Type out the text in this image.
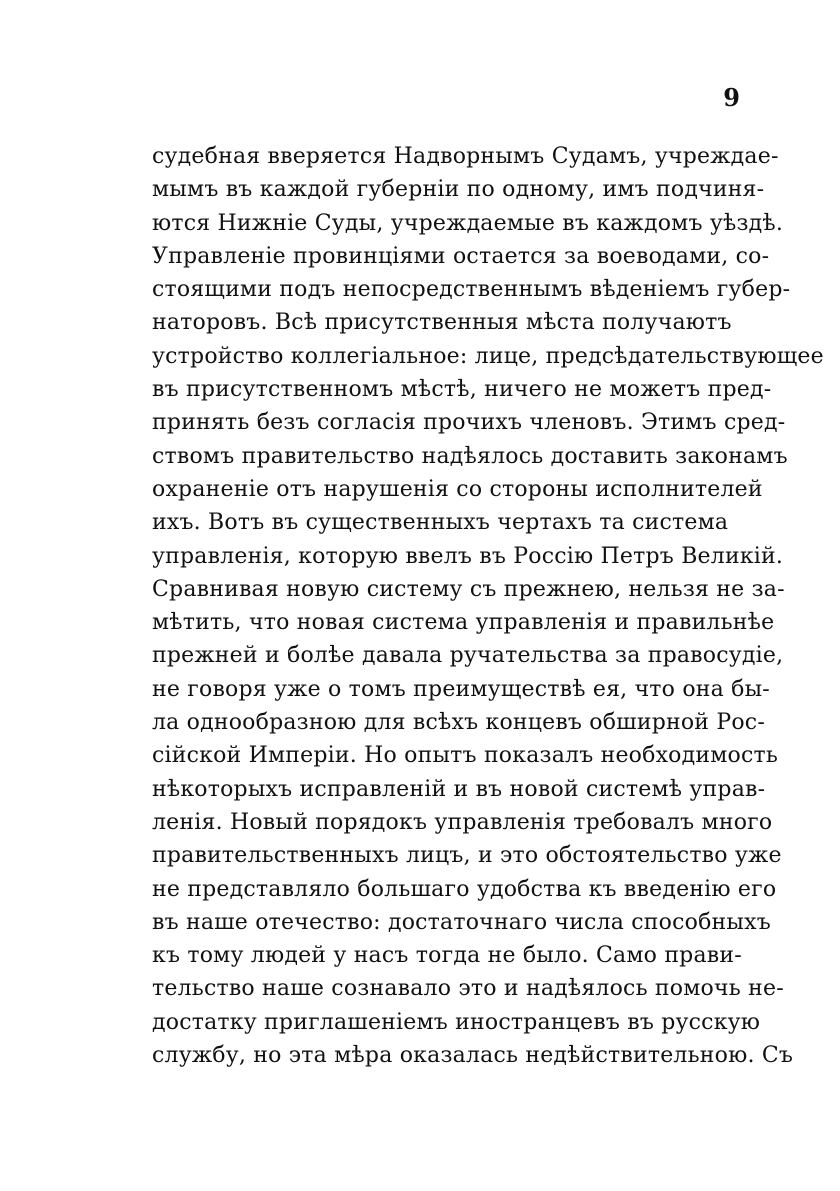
9
судебная вверяется Надворнымъ Судамъ, учреждае-
мымъ въ каждой губернiи по одному, имъ подчиня-
ются Нижнiе Суды, учреждаемые въ каждомъ уѣздѣ.
Управленiе провинцiями остается за воеводами, со-
стоящими подъ непосредственнымъ вѣденiемъ губер-
наторовъ. Всѣ присутственныя мѣста получаютъ
устройство коллегiальное: лице, предсѣдательствующее
въ присутственномъ мѣстѣ, ничего не можетъ пред-
принять безъ согласiя прочихъ членовъ. Этимъ сред-
ствомъ правительство надѣялось доставить законамъ
охраненiе отъ нарушенiя со стороны исполнителей
ихъ. Вотъ въ существенныхъ чертахъ та система
управленiя, которую ввелъ въ Россiю Петръ Великiй.
Сравнивая новую систему съ прежнею, нельзя не за-
мѣтить, что новая система управленiя и правильнѣе
прежней и болѣе давала ручательства за правосудiе,
не говоря уже о томъ преимуществѣ ея, что она бы-
ла однообразною для всѣхъ концевъ обширной Рос-
сiйской Имперiи. Но опытъ показалъ необходимость
нѣкоторыхъ исправленiй и въ новой системѣ управ-
ленiя. Новый порядокъ управленiя требовалъ много
правительственныхъ лицъ, и это обстоятельство уже
не представляло большаго удобства къ введенiю его
въ наше отечество: достаточнаго числа способныхъ
къ тому людей у насъ тогда не было. Само прави-
тельство наше сознавало это и надѣялось помочь не-
достатку приглашенiемъ иностранцевъ въ русскую
службу, но эта мѣра оказалась недѣйствительною. Съ
